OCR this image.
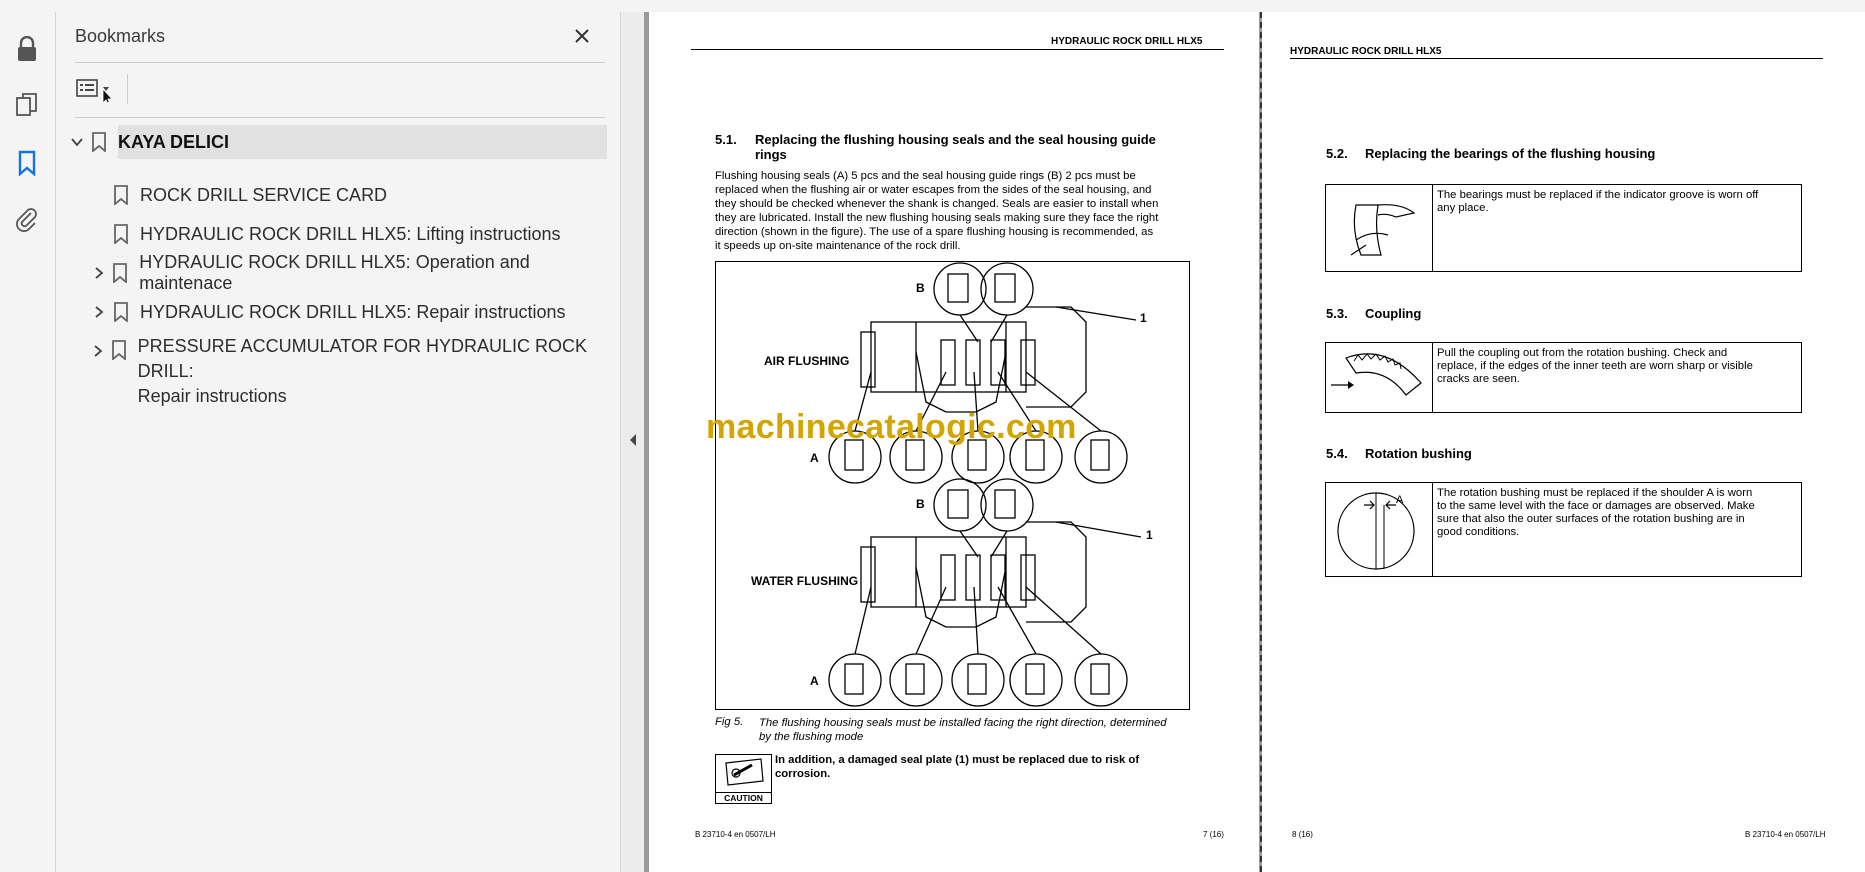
Bookmarks
KAYA DELICI
ROCK DRILL SERVICE CARD
HYDRAULIC ROCK DRILL HLX5: Lifting instructions
HYDRAULIC ROCK DRILL HLX5: Operation and maintenace
HYDRAULIC ROCK DRILL HLX5: Repair instructions
PRESSURE ACCUMULATOR FOR HYDRAULIC ROCK DRILL:
Repair instructions
HYDRAULIC ROCK DRILL HLX5
5.1. Replacing the flushing housing seals and the seal housing guide
rings
Flushing housing seals (A) 5 pcs and the seal housing guide rings (B) 2 pcs must be
replaced when the flushing air or water escapes from the sides of the seal housing, and
they should be checked whenever the shank is changed. Seals are easier to install when
they are lubricated. Install the new flushing housing seals making sure they face the right
direction (shown in the figure). The use of a spare flushing housing is recommended, as
it speeds up on-site maintenance of the rock drill.
B
1
AIR FLUSHING
A
B
1
WATER FLUSHING
A
Fig 5. The flushing housing seals must be installed facing the right direction, determined
by the flushing mode
CAUTION
In addition, a damaged seal plate (1) must be replaced due to risk of
corrosion.
B 23710-4 en 0507/LH	7 (16)
HYDRAULIC ROCK DRILL HLX5
5.2. Replacing the bearings of the flushing housing
The bearings must be replaced if the indicator groove is worn off
any place.
5.3. Coupling
Pull the coupling out from the rotation bushing. Check and
replace, if the edges of the inner teeth are worn sharp or visible
cracks are seen.
5.4. Rotation bushing
A
The rotation bushing must be replaced if the shoulder A is worn
to the same level with the face or damages are observed. Make
sure that also the outer surfaces of the rotation bushing are in
good conditions.
8 (16)	B 23710-4 en 0507/LH
machinecatalogic.com
